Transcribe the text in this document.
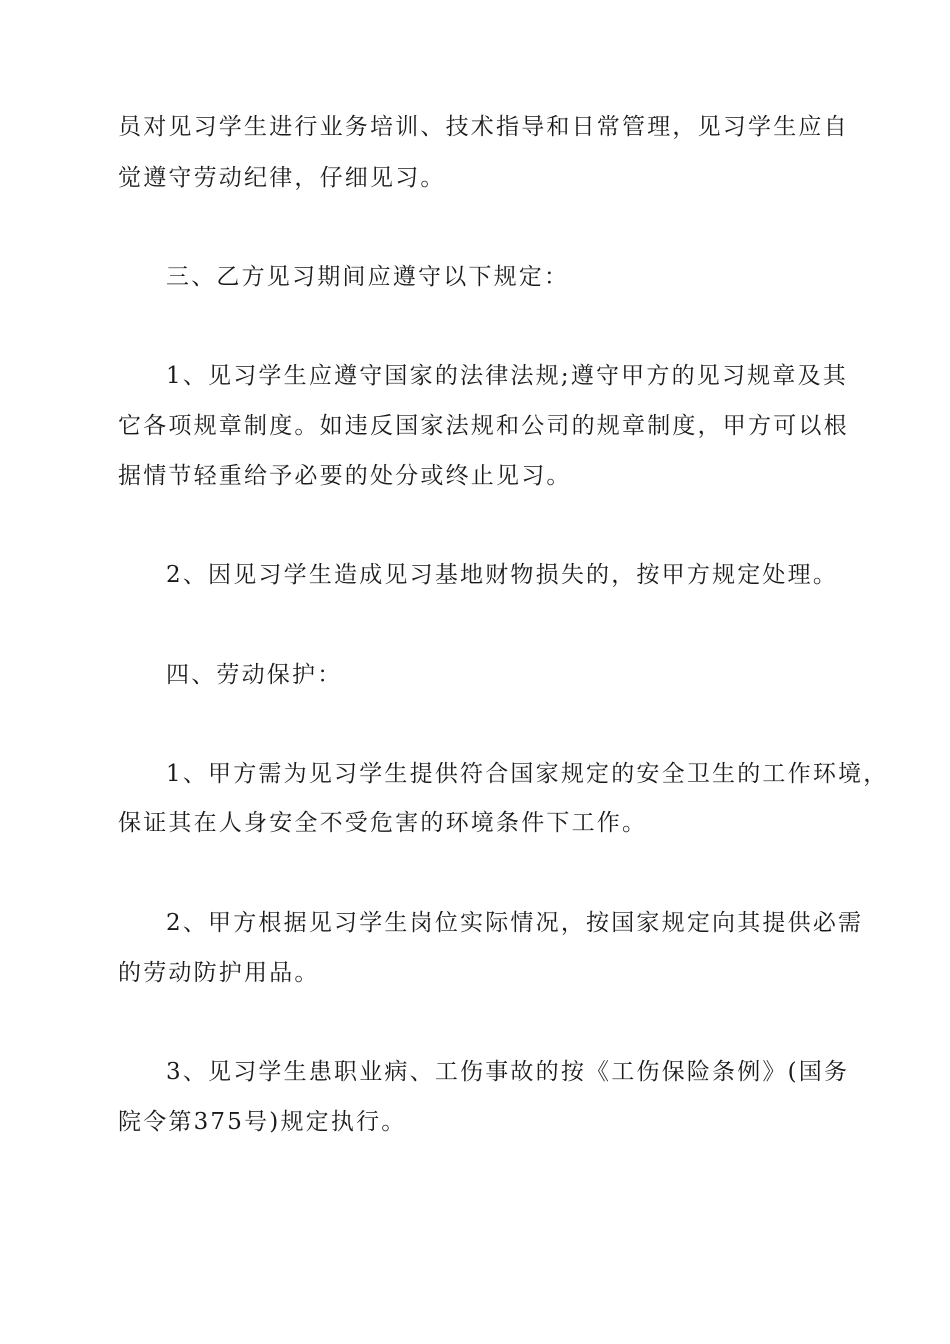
员对见习学生进行业务培训、技术指导和日常管理，见习学生应自
觉遵守劳动纪律，仔细见习。
三、乙方见习期间应遵守以下规定：
1、见习学生应遵守国家的法律法规;遵守甲方的见习规章及其
它各项规章制度。如违反国家法规和公司的规章制度，甲方可以根
据情节轻重给予必要的处分或终止见习。
2、因见习学生造成见习基地财物损失的，按甲方规定处理。
四、劳动保护：
1、甲方需为见习学生提供符合国家规定的安全卫生的工作环境，
保证其在人身安全不受危害的环境条件下工作。
2、甲方根据见习学生岗位实际情况，按国家规定向其提供必需
的劳动防护用品。
3、见习学生患职业病、工伤事故的按《工伤保险条例》(国务
院令第375号)规定执行。
